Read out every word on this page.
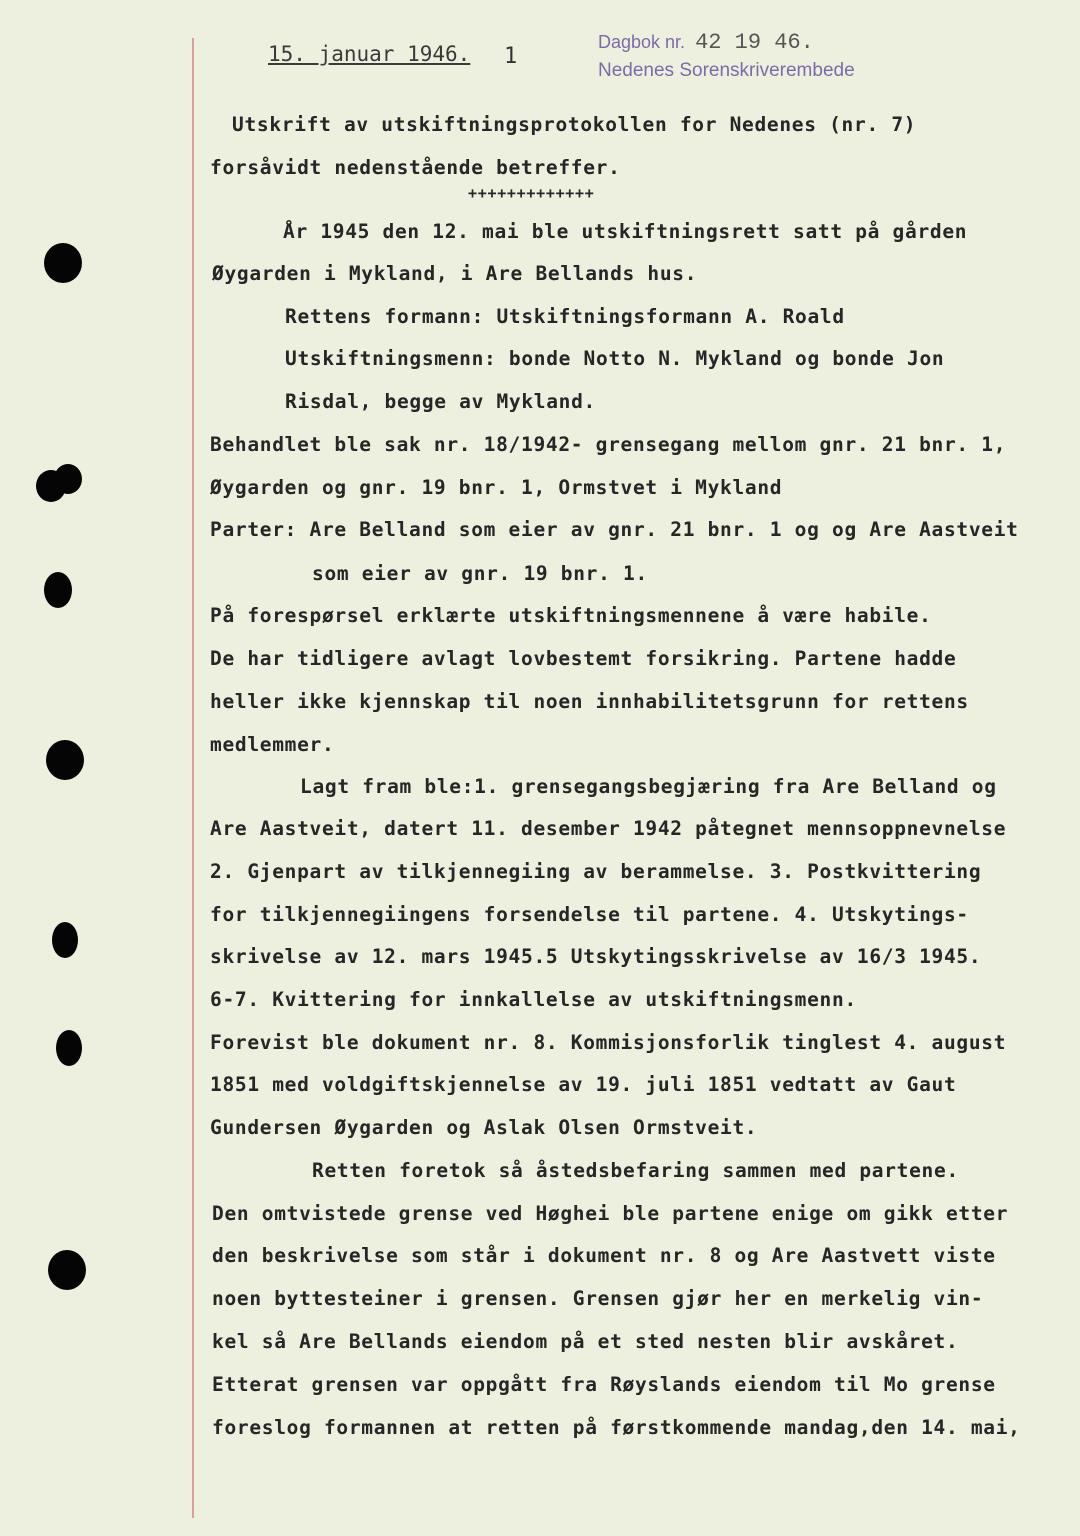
15. januar 1946. 1
Dagbok nr. 42 19 46.
Nedenes Sorenskriverembede
Utskrift av utskiftningsprotokollen for Nedenes (nr. 7)
forsåvidt nedenstående betreffer.
+++++++++++++
År 1945 den 12. mai ble utskiftningsrett satt på gården
Øygarden i Mykland, i Are Bellands hus.
Rettens formann: Utskiftningsformann A. Roald
Utskiftningsmenn: bonde Notto N. Mykland og bonde Jon
Risdal, begge av Mykland.
Behandlet ble sak nr. 18/1942- grensegang mellom gnr. 21 bnr. 1,
Øygarden og gnr. 19 bnr. 1, Ormstvet i Mykland
Parter: Are Belland som eier av gnr. 21 bnr. 1 og og Are Aastveit
som eier av gnr. 19 bnr. 1.
På forespørsel erklærte utskiftningsmennene å være habile.
De har tidligere avlagt lovbestemt forsikring. Partene hadde
heller ikke kjennskap til noen innhabilitetsgrunn for rettens
medlemmer.
Lagt fram ble:1. grensegangsbegjæring fra Are Belland og
Are Aastveit, datert 11. desember 1942 påtegnet mennsoppnevnelse
2. Gjenpart av tilkjennegiing av berammelse. 3. Postkvittering
for tilkjennegiingens forsendelse til partene. 4. Utskytings-
skrivelse av 12. mars 1945.5 Utskytingsskrivelse av 16/3 1945.
6-7. Kvittering for innkallelse av utskiftningsmenn.
Forevist ble dokument nr. 8. Kommisjonsforlik tinglest 4. august
1851 med voldgiftskjennelse av 19. juli 1851 vedtatt av Gaut
Gundersen Øygarden og Aslak Olsen Ormstveit.
Retten foretok så åstedsbefaring sammen med partene.
Den omtvistede grense ved Høghei ble partene enige om gikk etter
den beskrivelse som står i dokument nr. 8 og Are Aastvett viste
noen byttesteiner i grensen. Grensen gjør her en merkelig vin-
kel så Are Bellands eiendom på et sted nesten blir avskåret.
Etterat grensen var oppgått fra Røyslands eiendom til Mo grense
foreslog formannen at retten på førstkommende mandag,den 14. mai,
